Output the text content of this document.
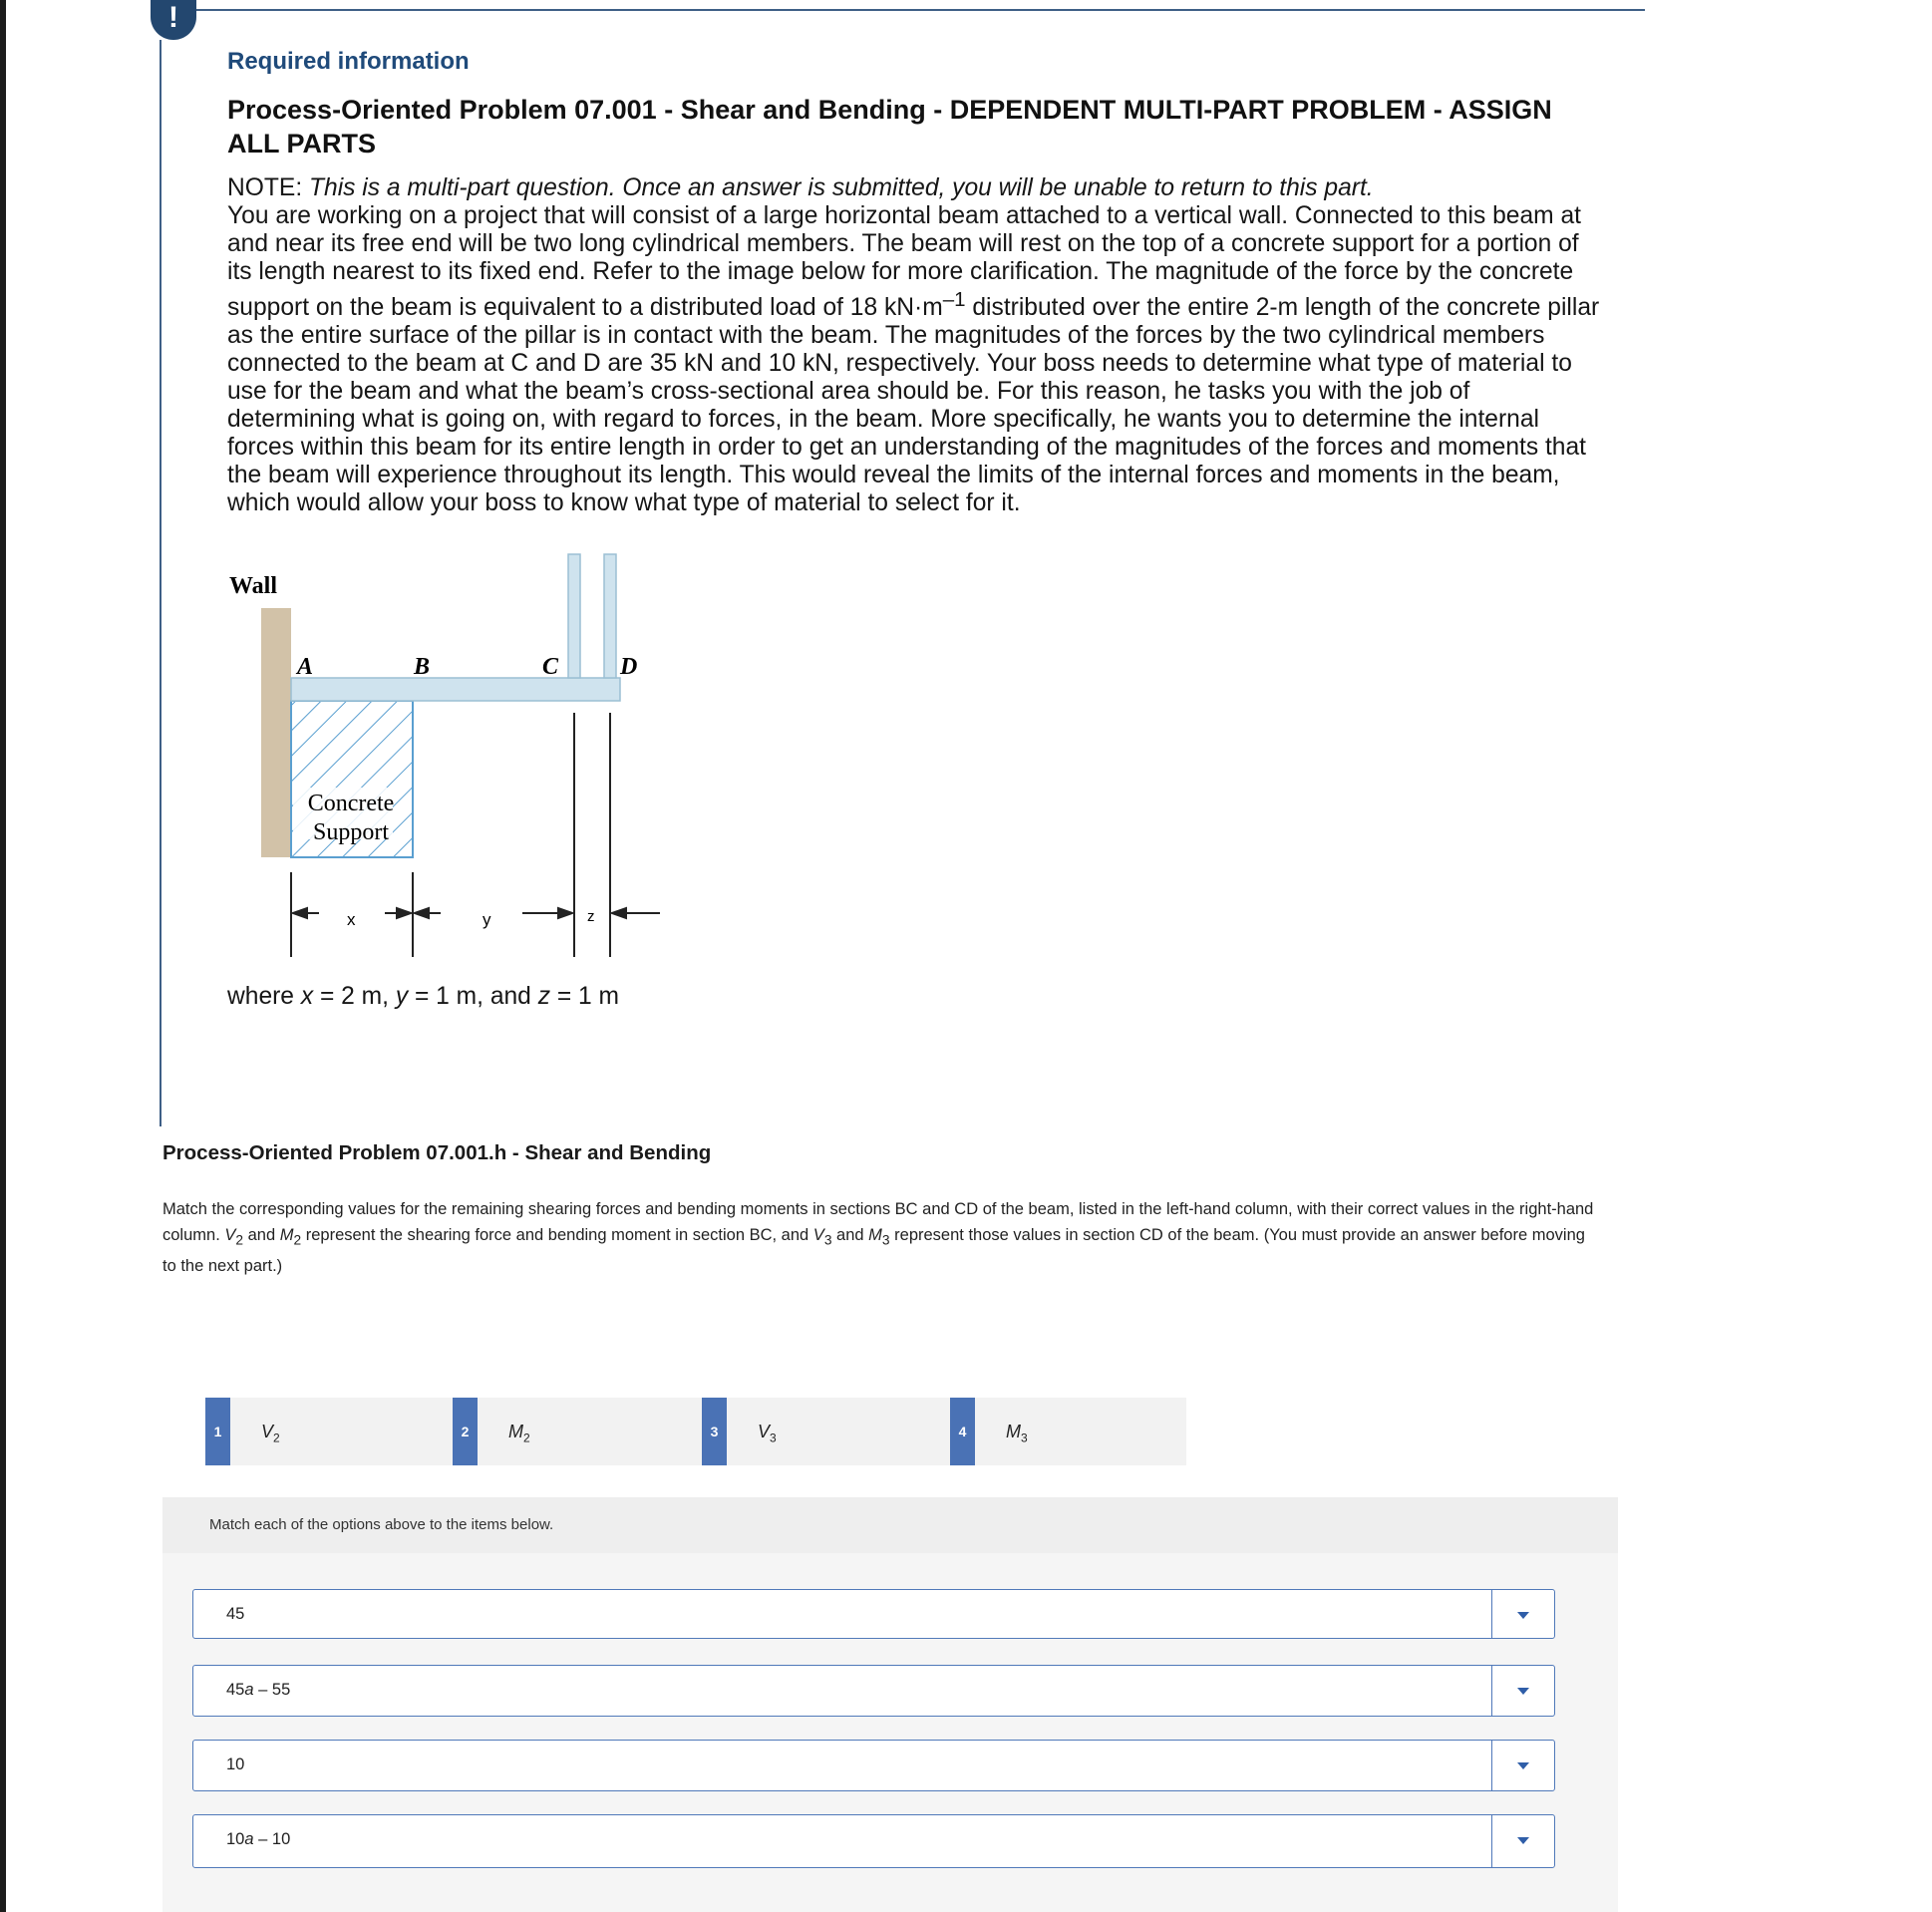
!
Required information
Process-Oriented Problem 07.001 - Shear and Bending - DEPENDENT MULTI-PART PROBLEM - ASSIGN ALL PARTS

NOTE: This is a multi-part question. Once an answer is submitted, you will be unable to return to this part.

You are working on a project that will consist of a large horizontal beam attached to a vertical wall. Connected to this beam at and near its free end will be two long cylindrical members. The beam will rest on the top of a concrete support for a portion of its length nearest to its fixed end. Refer to the image below for more clarification. The magnitude of the force by the concrete support on the beam is equivalent to a distributed load of 18 $kN\cdot m^{-1}$ distributed over the entire 2-m length of the concrete pillar as the entire surface of the pillar is in contact with the beam. The magnitudes of the forces by the two cylindrical members connected to the beam at C and D are 35 kN and 10 kN, respectively. Your boss needs to determine what type of material to use for the beam and what the beam’s cross-sectional area should be. For this reason, he tasks you with the job of determining what is going on, with regard to forces, in the beam. More specifically, he wants you to determine the internal forces within this beam for its entire length in order to get an understanding of the magnitudes of the forces and moments that the beam will experience throughout its length. This would reveal the limits of the internal forces and moments in the beam, which would allow your boss to know what type of material to select for it.

Wall
Concrete
Support
A	B	C	D
x	y	z
where x = 2 m, y = 1 m, and z = 1 m
Process-Oriented Problem 07.001.h - Shear and Bending
Match the corresponding values for the remaining shearing forces and bending moments in sections BC and CD of the beam, listed in the left-hand column, with their correct values in the right-hand column. $V_2$ and $M_2$ represent the shearing force and bending moment in section BC, and $V_3$ and $M_3$ represent those values in section CD of the beam. (You must provide an answer before moving to the next part.)
1	$V_2$	2	$M_2$	3	$V_3$	4	$M_3$
Match each of the options above to the items below.
45
45a – 55
10
10a – 10
